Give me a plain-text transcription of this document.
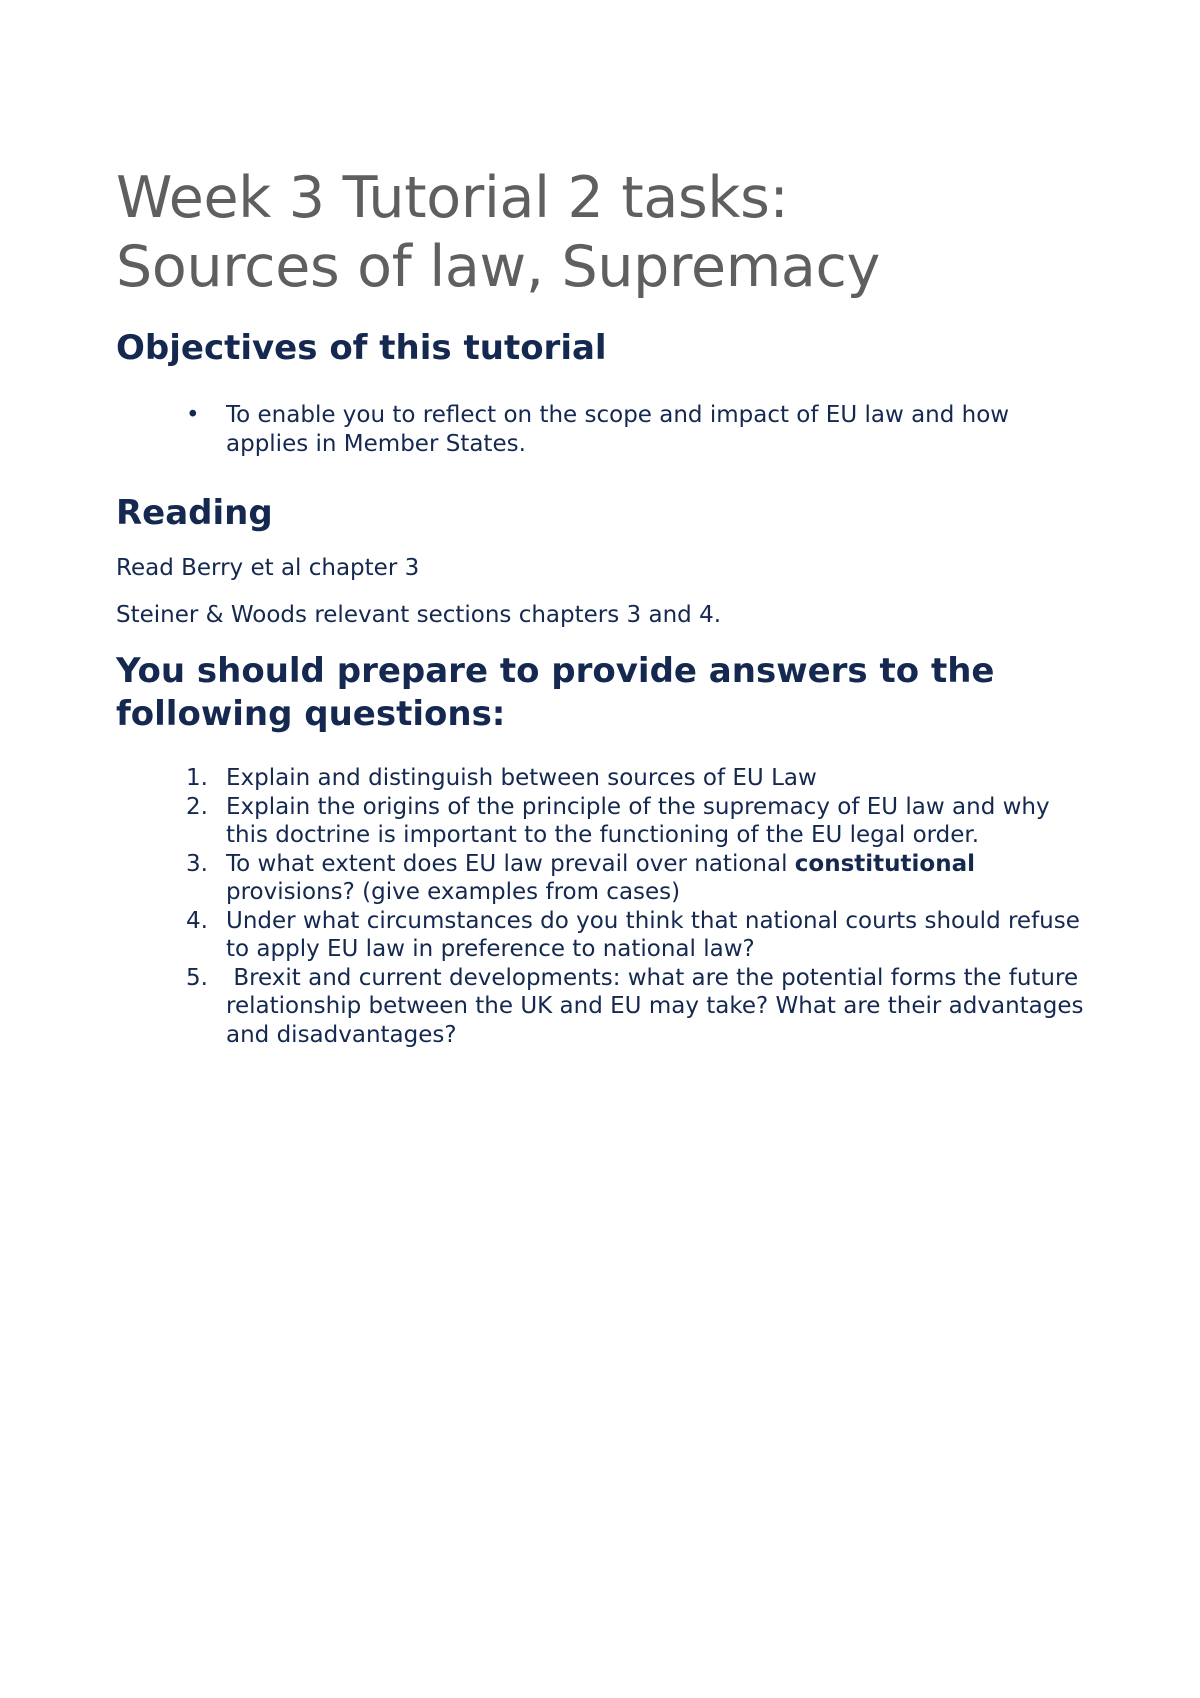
Week 3 Tutorial 2 tasks:
Sources of law, Supremacy
Objectives of this tutorial
• To enable you to reflect on the scope and impact of EU law and how applies in Member States.
Reading

Read Berry et al chapter 3

Steiner & Woods relevant sections chapters 3 and 4.

You should prepare to provide answers to the following questions:
1. Explain and distinguish between sources of EU Law
2. Explain the origins of the principle of the supremacy of EU law and why this doctrine is important to the functioning of the EU legal order.
3. To what extent does EU law prevail over national constitutional provisions? (give examples from cases)
4. Under what circumstances do you think that national courts should refuse to apply EU law in preference to national law?
5. Brexit and current developments: what are the potential forms the future relationship between the UK and EU may take? What are their advantages and disadvantages?
